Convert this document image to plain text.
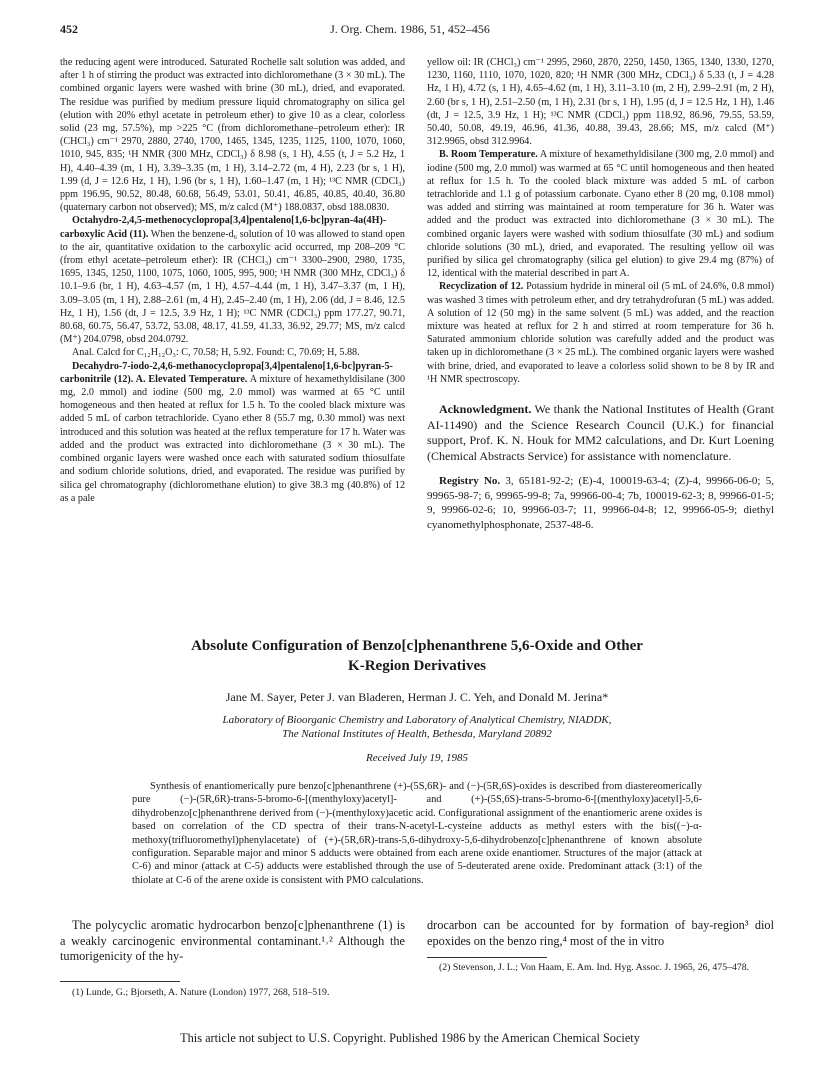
452	J. Org. Chem. 1986, 51, 452–456

the reducing agent were introduced. Saturated Rochelle salt solution was added, and after 1 h of stirring the product was extracted into dichloromethane (3 × 30 mL). The combined organic layers were washed with brine (30 mL), dried, and evaporated. The residue was purified by medium pressure liquid chromatography on silica gel (elution with 20% ethyl acetate in petroleum ether) to give 10 as a clear, colorless solid (23 mg, 57.5%), mp >225 °C (from dichloromethane–petroleum ether): IR (CHCl₃) cm⁻¹ 2970, 2880, 2740, 1700, 1465, 1345, 1235, 1125, 1100, 1070, 1060, 1010, 945, 835; ¹H NMR (300 MHz, CDCl₃) δ 8.98 (s, 1 H), 4.55 (t, J = 5.2 Hz, 1 H), 4.40–4.39 (m, 1 H), 3.39–3.35 (m, 1 H), 3.14–2.72 (m, 4 H), 2.23 (br s, 1 H), 1.99 (d, J = 12.6 Hz, 1 H), 1.96 (br s, 1 H), 1.60–1.47 (m, 1 H); ¹³C NMR (CDCl₃) ppm 196.95, 90.52, 80.48, 60.68, 56.49, 53.01, 50.41, 46.85, 40.85, 40.40, 36.80 (quaternary carbon not observed); MS, m/z calcd (M⁺) 188.0837, obsd 188.0830.

Octahydro-2,4,5-methenocyclopropa[3,4]pentaleno[1,6-bc]pyran-4a(4H)-carboxylic Acid (11). When the benzene-d₆ solution of 10 was allowed to stand open to the air, quantitative oxidation to the carboxylic acid occurred, mp 208–209 °C (from ethyl acetate–petroleum ether): IR (CHCl₃) cm⁻¹ 3300–2900, 2980, 1735, 1695, 1345, 1250, 1100, 1075, 1060, 1005, 995, 900; ¹H NMR (300 MHz, CDCl₃) δ 10.1–9.6 (br, 1 H), 4.63–4.57 (m, 1 H), 4.57–4.44 (m, 1 H), 3.47–3.37 (m, 1 H), 3.09–3.05 (m, 1 H), 2.88–2.61 (m, 4 H), 2.45–2.40 (m, 1 H), 2.06 (dd, J = 8.46, 12.5 Hz, 1 H), 1.56 (dt, J = 12.5, 3.9 Hz, 1 H); ¹³C NMR (CDCl₃) ppm 177.27, 90.71, 80.68, 60.75, 56.47, 53.72, 53.08, 48.17, 41.59, 41.33, 36.92, 29.77; MS, m/z calcd (M⁺) 204.0798, obsd 204.0792.

Anal. Calcd for C₁₂H₁₂O₃: C, 70.58; H, 5.92. Found: C, 70.69; H, 5.88.

Decahydro-7-iodo-2,4,6-methanocyclopropa[3,4]pentaleno[1,6-bc]pyran-5-carbonitrile (12). A. Elevated Temperature. A mixture of hexamethyldisilane (300 mg, 2.0 mmol) and iodine (500 mg, 2.0 mmol) was warmed at 65 °C until homogeneous and then heated at reflux for 1.5 h. To the cooled black mixture was added 5 mL of carbon tetrachloride. Cyano ether 8 (55.7 mg, 0.30 mmol) was next introduced and this solution was heated at the reflux temperature for 17 h. Water was added and the product was extracted into dichloromethane (3 × 30 mL). The combined organic layers were washed once each with saturated sodium thiosulfate and sodium chloride solutions, dried, and evaporated. The residue was purified by silica gel chromatography (dichloromethane elution) to give 38.3 mg (40.8%) of 12 as a pale

yellow oil: IR (CHCl₃) cm⁻¹ 2995, 2960, 2870, 2250, 1450, 1365, 1340, 1330, 1270, 1230, 1160, 1110, 1070, 1020, 820; ¹H NMR (300 MHz, CDCl₃) δ 5.33 (t, J = 4.28 Hz, 1 H), 4.72 (s, 1 H), 4.65–4.62 (m, 1 H), 3.11–3.10 (m, 2 H), 2.99–2.91 (m, 2 H), 2.60 (br s, 1 H), 2.51–2.50 (m, 1 H), 2.31 (br s, 1 H), 1.95 (d, J = 12.5 Hz, 1 H), 1.46 (dt, J = 12.5, 3.9 Hz, 1 H); ¹³C NMR (CDCl₃) ppm 118.92, 86.96, 79.55, 53.59, 50.40, 50.08, 49.19, 46.96, 41.36, 40.88, 39.43, 28.66; MS, m/z calcd (M⁺) 312.9965, obsd 312.9964.

B. Room Temperature. A mixture of hexamethyldisilane (300 mg, 2.0 mmol) and iodine (500 mg, 2.0 mmol) was warmed at 65 °C until homogeneous and then heated at reflux for 1.5 h. To the cooled black mixture was added 5 mL of carbon tetrachloride and 1.1 g of potassium carbonate. Cyano ether 8 (20 mg, 0.108 mmol) was added and stirring was maintained at room temperature for 36 h. Water was added and the product was extracted into dichloromethane (3 × 30 mL). The combined organic layers were washed with sodium thiosulfate (30 mL) and sodium chloride solutions (30 mL), dried, and evaporated. The resulting yellow oil was purified by silica gel chromatography (silica gel elution) to give 29.4 mg (87%) of 12, identical with the material described in part A.

Recyclization of 12. Potassium hydride in mineral oil (5 mL of 24.6%, 0.8 mmol) was washed 3 times with petroleum ether, and dry tetrahydrofuran (5 mL) was added. A solution of 12 (50 mg) in the same solvent (5 mL) was added, and the reaction mixture was heated at reflux for 2 h and stirred at room temperature for 36 h. Saturated ammonium chloride solution was carefully added and the product was taken up in dichloromethane (3 × 25 mL). The combined organic layers were washed with brine, dried, and evaporated to leave a colorless solid shown to be 8 by IR and ¹H NMR spectroscopy.

Acknowledgment. We thank the National Institutes of Health (Grant AI-11490) and the Science Research Council (U.K.) for financial support, Prof. K. N. Houk for MM2 calculations, and Dr. Kurt Loening (Chemical Abstracts Service) for assistance with nomenclature.

Registry No. 3, 65181-92-2; (E)-4, 100019-63-4; (Z)-4, 99966-06-0; 5, 99965-98-7; 6, 99965-99-8; 7a, 99966-00-4; 7b, 100019-62-3; 8, 99966-01-5; 9, 99966-02-6; 10, 99966-03-7; 11, 99966-04-8; 12, 99966-05-9; diethyl cyanomethylphosphonate, 2537-48-6.

Absolute Configuration of Benzo[c]phenanthrene 5,6-Oxide and Other
K-Region Derivatives
Jane M. Sayer, Peter J. van Bladeren, Herman J. C. Yeh, and Donald M. Jerina*
Laboratory of Bioorganic Chemistry and Laboratory of Analytical Chemistry, NIADDK,
The National Institutes of Health, Bethesda, Maryland 20892
Received July 19, 1985

Synthesis of enantiomerically pure benzo[c]phenanthrene (+)-(5S,6R)- and (−)-(5R,6S)-oxides is described from diastereomerically pure (−)-(5R,6R)-trans-5-bromo-6-[(menthyloxy)acetyl]- and (+)-(5S,6S)-trans-5-bromo-6-[(menthyloxy)acetyl]-5,6-dihydrobenzo[c]phenanthrene derived from (−)-(menthyloxy)acetic acid. Configurational assignment of the enantiomeric arene oxides is based on correlation of the CD spectra of their trans-N-acetyl-L-cysteine adducts as methyl esters with the bis((−)-α-methoxy(trifluoromethyl)phenylacetate) of (+)-(5R,6R)-trans-5,6-dihydroxy-5,6-dihydrobenzo[c]phenanthrene of known absolute configuration. Separable major and minor S adducts were obtained from each arene oxide enantiomer. Structures of the major (attack at C-6) and minor (attack at C-5) adducts were established through the use of 5-deuterated arene oxide. Predominant attack (3:1) of the thiolate at C-6 of the arene oxide is consistent with PMO calculations.

The polycyclic aromatic hydrocarbon benzo[c]phenanthrene (1) is a weakly carcinogenic environmental contaminant.¹˒² Although the tumorigenicity of the hy-

drocarbon can be accounted for by formation of bay-region³ diol epoxides on the benzo ring,⁴ most of the in vitro

(1) Lunde, G.; Bjorseth, A. Nature (London) 1977, 268, 518–519.

(2) Stevenson, J. L.; Von Haam, E. Am. Ind. Hyg. Assoc. J. 1965, 26, 475–478.

This article not subject to U.S. Copyright. Published 1986 by the American Chemical Society
